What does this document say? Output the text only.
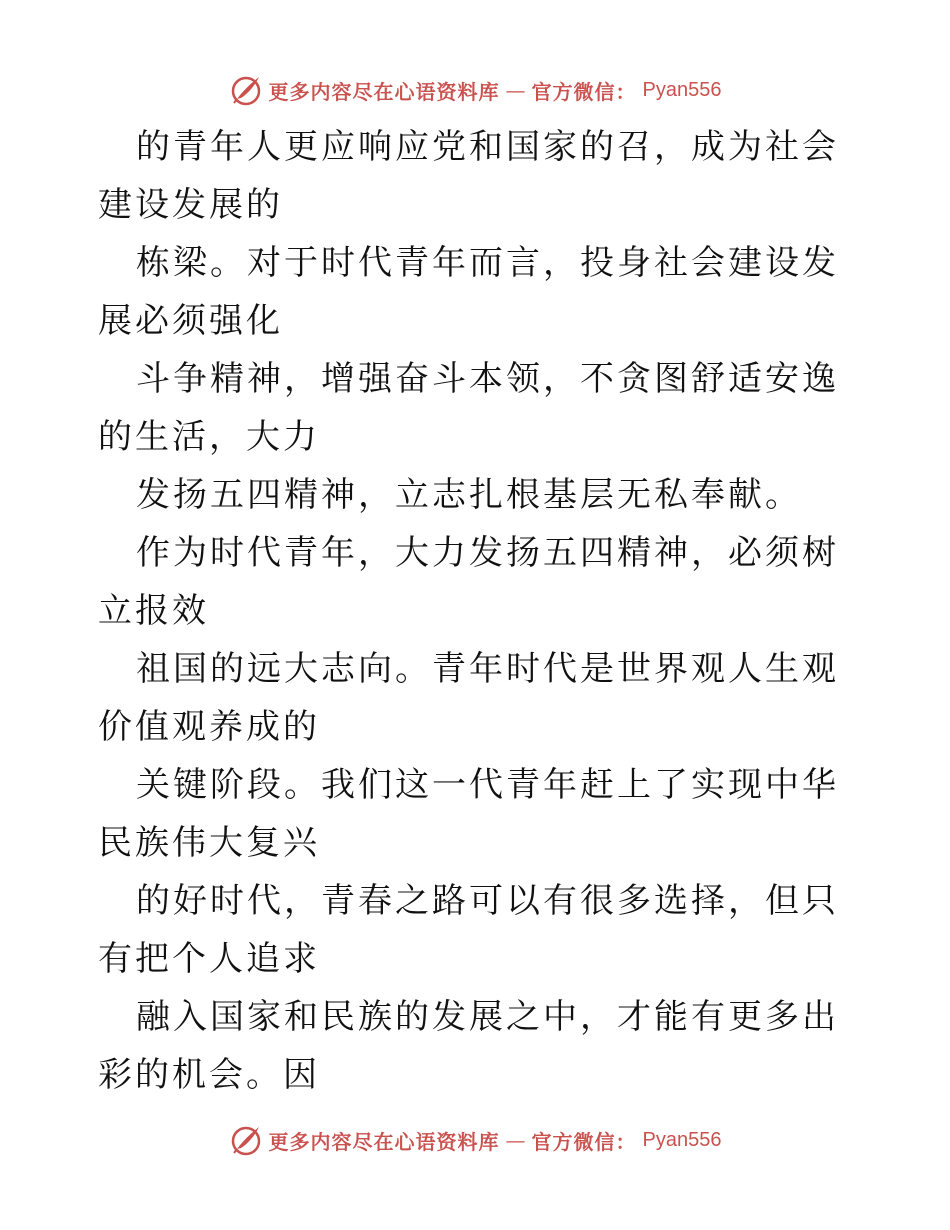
更多内容尽在心语资料库 — 官方微信： Pyan556

的青年人更应响应党和国家的召，成为社会建设发展的

栋梁。对于时代青年而言，投身社会建设发展必须强化

斗争精神，增强奋斗本领，不贪图舒适安逸的生活，大力

发扬五四精神，立志扎根基层无私奉献。

作为时代青年，大力发扬五四精神，必须树立报效

祖国的远大志向。青年时代是世界观人生观价值观养成的

关键阶段。我们这一代青年赶上了实现中华民族伟大复兴

的好时代，青春之路可以有很多选择，但只有把个人追求

融入国家和民族的发展之中，才能有更多出彩的机会。因

更多内容尽在心语资料库 — 官方微信： Pyan556
